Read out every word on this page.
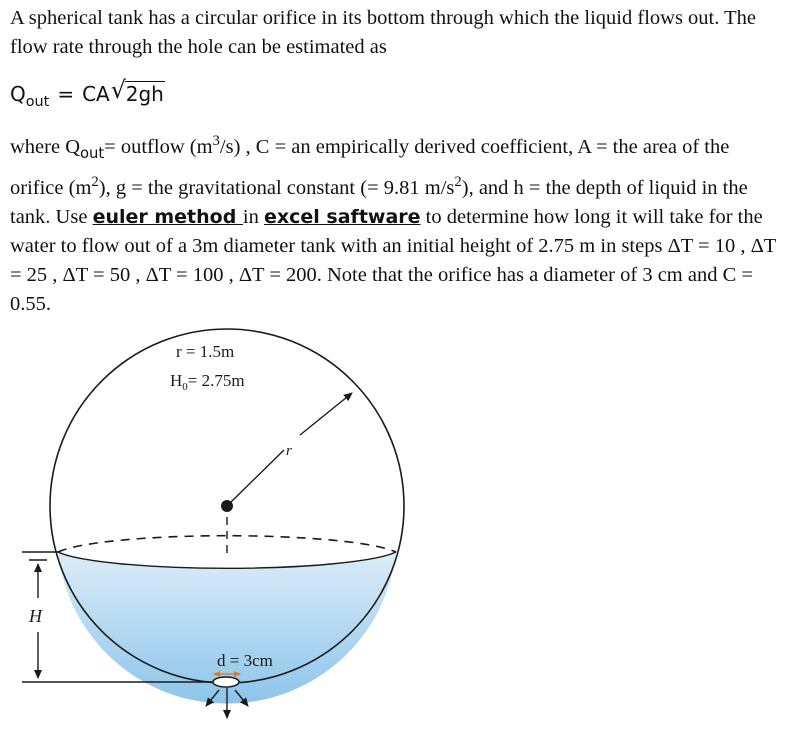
A spherical tank has a circular orifice in its bottom through which the liquid flows out. The flow rate through the hole can be estimated as

$Q_{out}$ = CA √ 2gh

where $Q_{out}=$ outflow $(m^3/s)$ , C = an empirically derived coefficient, A = the area of the orifice $(m^2)$, g = the gravitational constant (= 9.81 $m/s^2$), and h = the depth of liquid in the tank. Use euler method in excel saftware to determine how long it will take for the water to flow out of a 3m diameter tank with an initial height of 2.75 m in steps ΔT = 10 , ΔT = 25 , ΔT = 50 , ΔT = 100 , ΔT = 200. Note that the orifice has a diameter of 3 cm and C = 0.55.

r
r = 1.5m
$H_0= 2.75m$
H
d = 3cm
